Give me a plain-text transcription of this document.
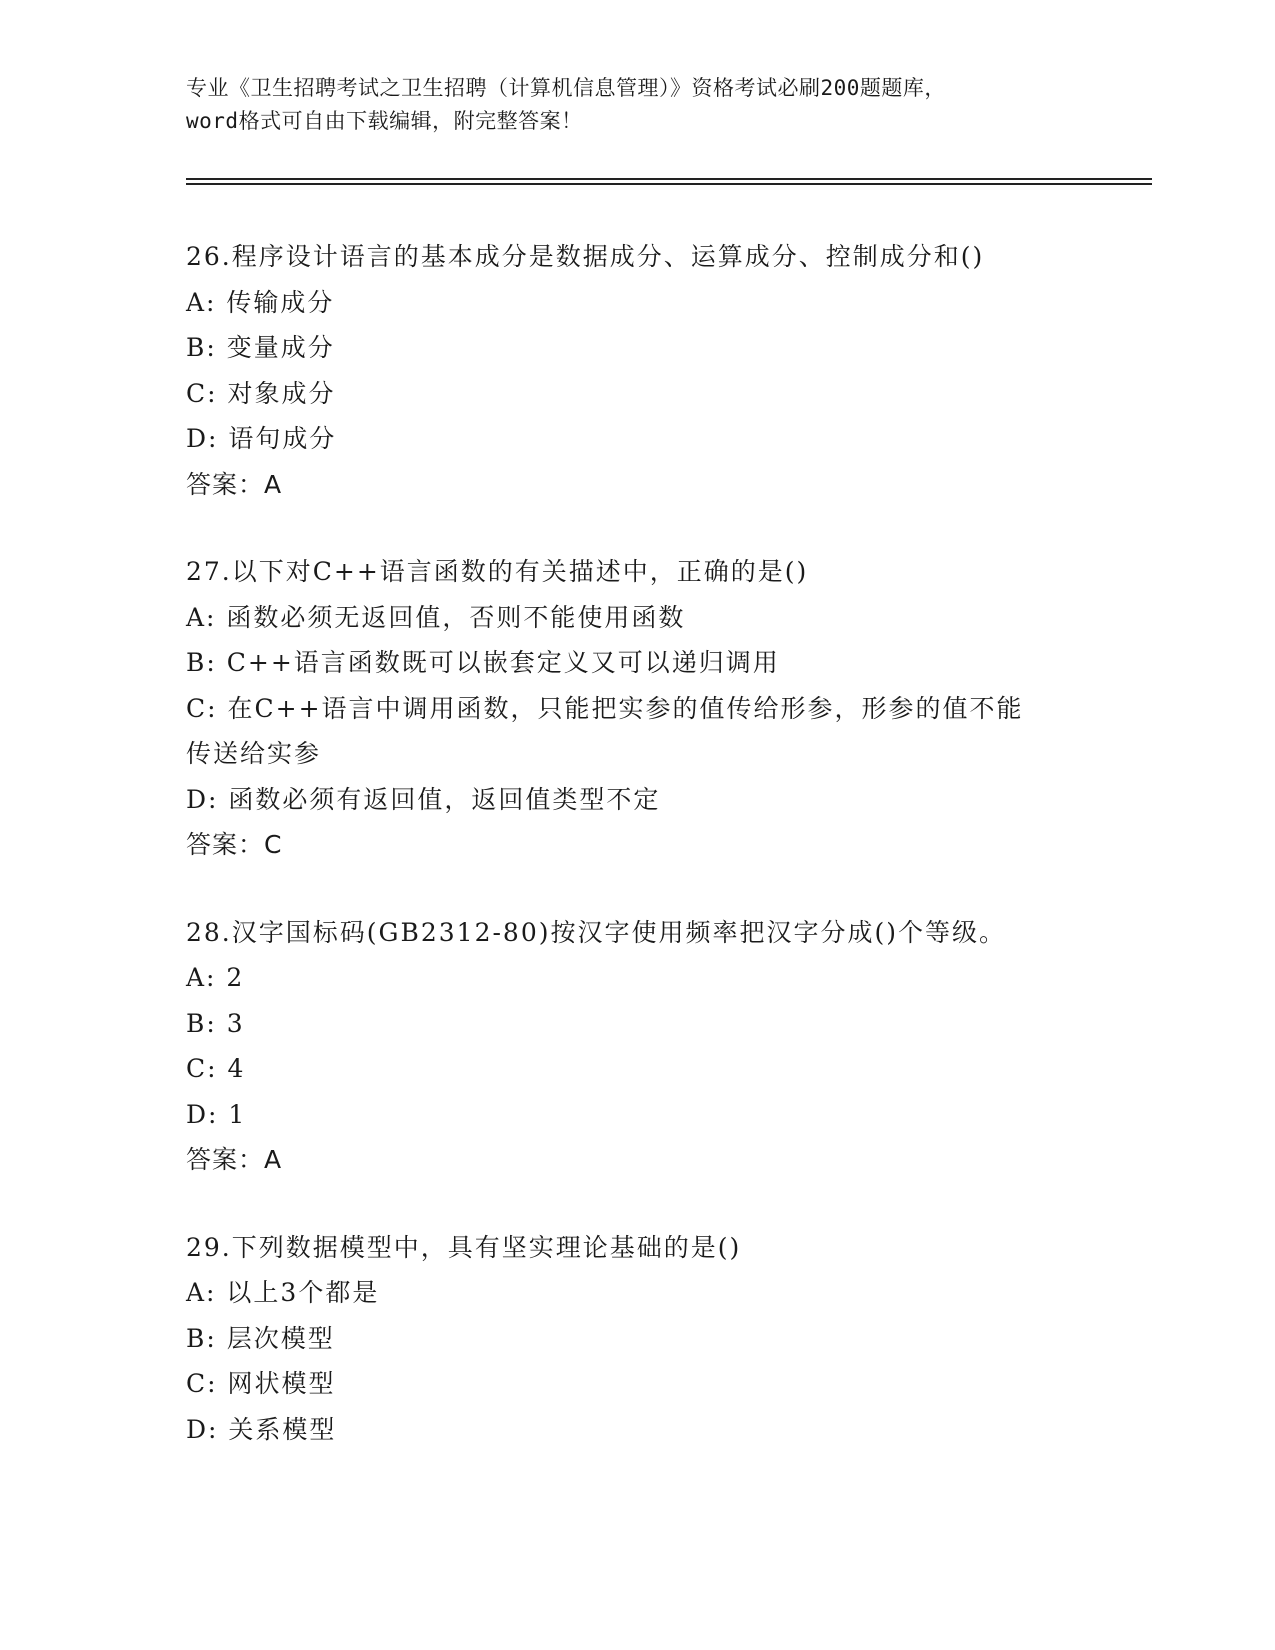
专业《卫生招聘考试之卫生招聘（计算机信息管理）》资格考试必刷200题题库，
word格式可自由下载编辑，附完整答案！
26.程序设计语言的基本成分是数据成分、运算成分、控制成分和()
A: 传输成分
B: 变量成分
C: 对象成分
D: 语句成分
答案：A
27.以下对C++语言函数的有关描述中，正确的是()
A: 函数必须无返回值，否则不能使用函数
B: C++语言函数既可以嵌套定义又可以递归调用
C: 在C++语言中调用函数，只能把实参的值传给形参，形参的值不能
传送给实参
D: 函数必须有返回值，返回值类型不定
答案：C
28.汉字国标码(GB2312-80)按汉字使用频率把汉字分成()个等级。
A: 2
B: 3
C: 4
D: 1
答案：A
29.下列数据模型中，具有坚实理论基础的是()
A: 以上3个都是
B: 层次模型
C: 网状模型
D: 关系模型
